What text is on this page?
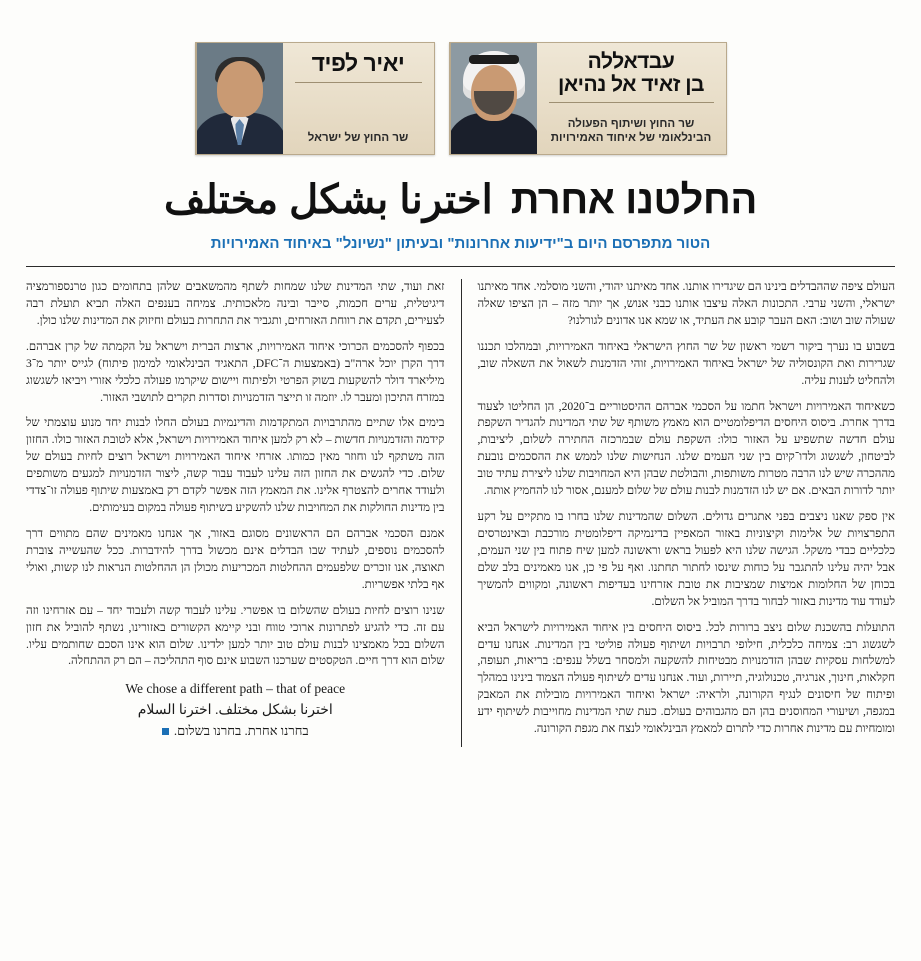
עבדאללה
בן זאיד אל נהיאן
שר החוץ ושיתוף הפעולה הבינלאומי של איחוד האמירויות
יאיר לפיד
שר החוץ של ישראל
החלטנו אחרתاخترنا بشكل مختلف
הטור מתפרסם היום ב"ידיעות אחרונות" ובעיתון "נשיונל" באיחוד האמירויות

העולם ציפה שההבדלים בינינו הם שיגדירו אותנו. אחד מאיתנו יהודי, והשני מוסלמי. אחד מאיתנו ישראלי, והשני ערבי. התכונות האלה עיצבו אותנו כבני אנוש, אך יותר מזה – הן הציפו שאלה שעולה שוב ושוב: האם העבר קובע את העתיד, או שמא אנו אדונים לגורלנו?

בשבוע בו נערך ביקור רשמי ראשון של שר החוץ הישראלי באיחוד האמירויות, ובמהלכו תכננו שגרירות ואת הקונסוליה של ישראל באיחוד האמירויות, זוהי הזדמנות לשאול את השאלה שוב, ולהחליט לענות עליה.

כשאיחוד האמירויות וישראל חתמו על הסכמי אברהם ההיסטוריים ב־2020, הן החליטו לצעוד בדרך אחרת. ביסוס היחסים הדיפלומטיים הוא מאמץ משותף של שתי המדינות להגדיר השקפת עולם חדשה שתשפיע על האזור כולו: השקפת עולם שבמרכזה החתירה לשלום, ליציבות, לביטחון, לשגשוג ולדו־קיום בין שני העמים שלנו. הנחישות שלנו לממש את ההסכמים נובעת מההכרה שיש לנו הרבה מטרות משותפות, והבולטת שבהן היא המחויבות שלנו ליצירת עתיד טוב יותר לדורות הבאים. אם יש לנו הזדמנות לבנות עולם של שלום למענם, אסור לנו להחמיץ אותה.

אין ספק שאנו ניצבים בפני אתגרים גדולים. השלום שהמדינות שלנו בחרו בו מתקיים על רקע התפרצויות של אלימות וקיצוניות באזור המאפיין בדינמיקה דיפלומטית מורכבת ובאינטרסים כלכליים כבדי משקל. הגישה שלנו היא לפעול בראש וראשונה למען שיח פתוח בין שני העמים, אבל יהיה עלינו להתגבר על כוחות שינסו לחתור תחתנו. ואף על פי כן, אנו מאמינים בלב שלם בכוחן של החלומות אמיצות שמציבות את טובת אזרחינו בעדיפות ראשונה, ומקווים להמשיך לעודד עוד מדינות באזור לבחור בדרך המוביל אל השלום.

התועלות בהשכנת שלום ניצב ברורות לכל. ביסוס היחסים בין איחוד האמירויות לישראל הביא לשגשוג רב: צמיחה כלכלית, חילופי תרבויות ושיתוף פעולה פוליטי בין המדינות. אנחנו עדים למשלחות עסקיות שבהן הזדמנויות מבטיחות להשקעה ולמסחר בשלל ענפים: בריאות, תעופה, חקלאות, חינוך, אנרגיה, טכנולוגיה, תיירות, ועוד. אנחנו עדים לשיתוף פעולה הצמוד בינינו במהלך ופיתוח של חיסונים לנגיף הקורונה, ולראיה: ישראל ואיחוד האמירויות מובילות את המאבק במגפה, ושיעורי המחוסנים בהן הם מהגבוהים בעולם. כעת שתי המדינות מחוייבות לשיתוף ידע ומומחיות עם מדינות אחרות כדי לתרום למאמץ הבינלאומי לנצח את מגפת הקורונה.

זאת ועוד, שתי המדינות שלנו שמחות לשתף מהמשאבים שלהן בתחומים כגון טרנספורמציה דיגיטלית, ערים חכמות, סייבר ובינה מלאכותית. צמיחה בענפים האלה תביא תועלת רבה לצעירים, תקדם את רווחת האזרחים, ותגביר את התחרות בעולם וחיזוק את המדינות שלנו כולן.

בכפוף להסכמים הכרוכי איחוד האמירויות, ארצות הברית וישראל על הקמתה של קרן אברהם. דרך הקרן יוכל ארה"ב (באמצעות ה־DFC, התאגיד הבינלאומי למימון פיתוח) לגייס יותר מ־3 מיליארד דולר להשקעות בשוק הפרטי ולפיתוח ויישום שיקרמו פעולה כלכלי אזורי ויביאו לשגשוג במזרח התיכון ומעבר לו. יוזמה זו תייצר הזדמנויות וסדרות תקרים לתושבי האזור.

בימים אלו שתיים מהתרבויות המתקדמות והדינמיות בעולם החלו לבנות יחד מנוע עוצמתי של קידמה והזדמנויות חדשות – לא רק למען איחוד האמירויות וישראל, אלא לטובת האזור כולו. החזון הזה משתקף לנו וחוזר מאין כמותו. אזרחי איחוד האמירויות וישראל רוצים לחיות בעולם של שלום. כדי להגשים את החזון הזה עלינו לעבוד עבור קשה, ליצור הזדמנויות למגעים משותפים ולעודד אחרים להצטרף אלינו. את המאמץ הזה אפשר לקדם רק באמצעות שיתוף פעולה זו־צדדי בין מדינות החולקות את המחויבות שלנו להשקיע בשיתוף פעולה במקום בעימותים.

אמנם הסכמי אברהם הם הראשונים מסוגם באזור, אך אנחנו מאמינים שהם מתווים דרך להסכמים נוספים, לעתיד שבו הבדלים אינם מכשול בדרך להידברות. ככל שהעשייה צוברת תאוצה, אנו זוכרים שלפעמים ההחלטות המכריעות מכולן הן ההחלטות הנראות לנו קשות, ואולי אף בלתי אפשריות.

שנינו רוצים לחיות בעולם שהשלום בו אפשרי. עלינו לעבוד קשה ולעבוד יחד – עם אזרחינו וזה עם זה. כדי להגיע לפתרונות ארוכי טווח ובני קיימא הקשורים באזורינו, נשתף להוביל את חזון השלום בכל מאמצינו לבנות עולם טוב יותר למען ילדינו. שלום הוא אינו הסכם שחותמים עליו. שלום הוא דרך חיים. הטקסטים שערכנו השבוע אינם סוף התהליכה – הם רק ההתחלה.

We chose a different path – that of peace
اخترنا بشكل مختلف. اخترنا السلام
בחרנו אחרת. בחרנו בשלום.
